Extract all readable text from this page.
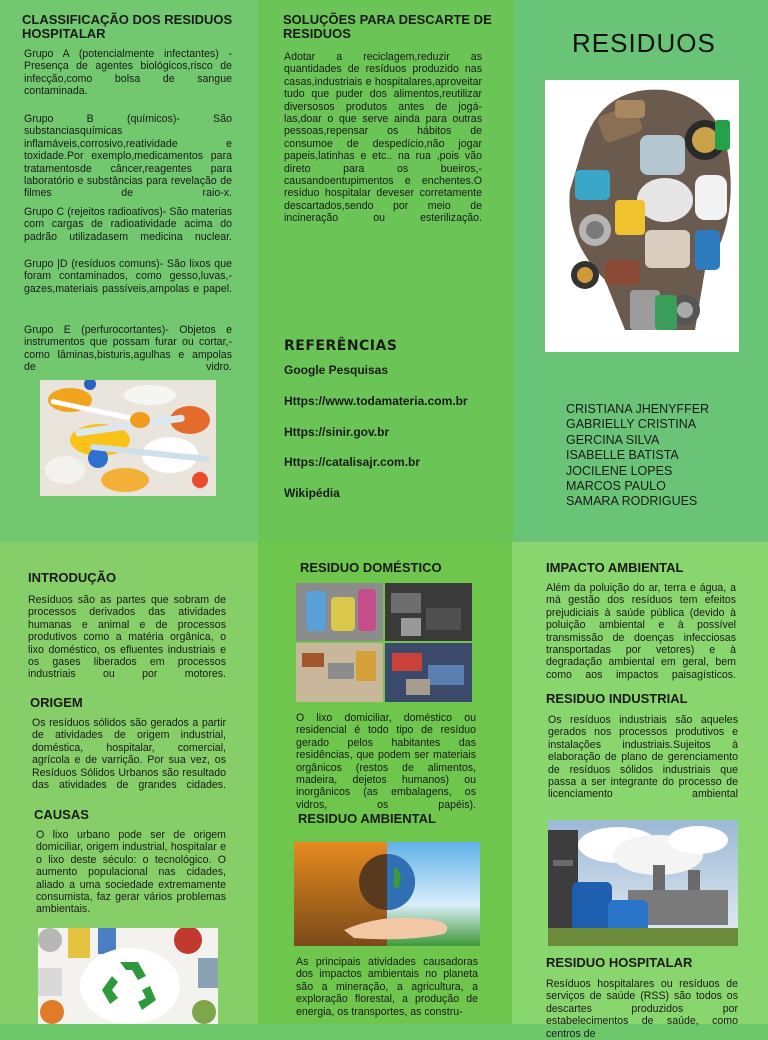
CLASSIFICAÇÃO DOS RESIDUOS HOSPITALAR

Grupo A (potencialmente infectantes) - Presença de agentes biológicos,risco de infecção,como bolsa de sangue contaminada.

Grupo B (químicos)- São substanciasquímicas inflamáveis,corrosivo,reatividade e toxidade.Por exemplo,medicamentos para tratamentosde câncer,reagentes para laboratório e substâncias para revelação de filmes de raio-x.

Grupo C (rejeitos radioativos)- São materias com cargas de radioatividade acima do padrão utilizadasem medicina nuclear.

Grupo |D (resíduos comuns)- São lixos que foram contaminados, como gesso,luvas,-gazes,materiais passíveis,ampolas e papel.

Grupo E (perfurocortantes)- Objetos e instrumentos que possam furar ou cortar,-como lâminas,bisturis,agulhas e ampolas de vidro.

SOLUÇÕES PARA DESCARTE DE RESIDUOS

Adotar a reciclagem,reduzir as quantidades de resíduos produzido nas casas,industriais e hospitalares,aproveitar tudo que puder dos alimentos,reutilizar diversosos produtos antes de jogá-las,doar o que serve ainda para outras pessoas,repensar os hábitos de consumoe de despedício,não jogar papeis,latinhas e etc.. na rua ,pois vão direto para os bueiros,-causandoentupimentos e enchentes.O resíduo hospitalar deveser corretamente descartados,sendo por meio de incineração ou esterilização.

REFERÊNCIAS
Google Pesquisas
Https://www.todamateria.com.br
Https://sinir.gov.br
Https://catalisajr.com.br
Wikipédia
RESIDUOS
CRISTIANA JHENYFFER
GABRIELLY CRISTINA
GERCINA SILVA
ISABELLE BATISTA
JOCILENE LOPES
MARCOS PAULO
SAMARA RODRIGUES
INTRODUÇÃO

Resíduos são as partes que sobram de processos derivados das atividades humanas e animal e de processos produtivos como a matéria orgânica, o lixo doméstico, os efluentes industriais e os gases liberados em processos industriais ou por motores.

ORIGEM

Os resíduos sólidos são gerados a partir de atividades de origem industrial, doméstica, hospitalar, comercial, agrícola e de varrição. Por sua vez, os Resíduos Sólidos Urbanos são resultado das atividades de grandes cidades.

CAUSAS

O lixo urbano pode ser de origem domiciliar, origem industrial, hospitalar e o lixo deste século: o tecnológico. O aumento populacional nas cidades, aliado a uma sociedade extremamente consumista, faz gerar vários problemas ambientais.

RESIDUO DOMÉSTICO

O lixo domiciliar, doméstico ou residencial é todo tipo de resíduo gerado pelos habitantes das residências, que podem ser materiais orgânicos (restos de alimentos, madeira, dejetos humanos) ou inorgânicos (as embalagens, os vidros, os papéis).

RESIDUO AMBIENTAL

As principais atividades causadoras dos impactos ambientais no planeta são a mineração, a agricultura, a exploração florestal, a produção de energia, os transportes, as constru-

IMPACTO AMBIENTAL

Além da poluição do ar, terra e água, a má gestão dos resíduos tem efeitos prejudiciais à saúde pública (devido à poluição ambiental e à possível transmissão de doenças infecciosas transportadas por vetores) e à degradação ambiental em geral, bem como aos impactos paisagísticos.

RESIDUO INDUSTRIAL

Os resíduos industriais são aqueles gerados nos processos produtivos e instalações industriais.Sujeitos à elaboração de plano de gerenciamento de resíduos sólidos industriais que passa a ser integrante do processo de licenciamento ambiental

RESIDUO HOSPITALAR

Resíduos hospitalares ou resíduos de serviços de saúde (RSS) são todos os descartes produzidos por estabelecimentos de saúde, como centros de
